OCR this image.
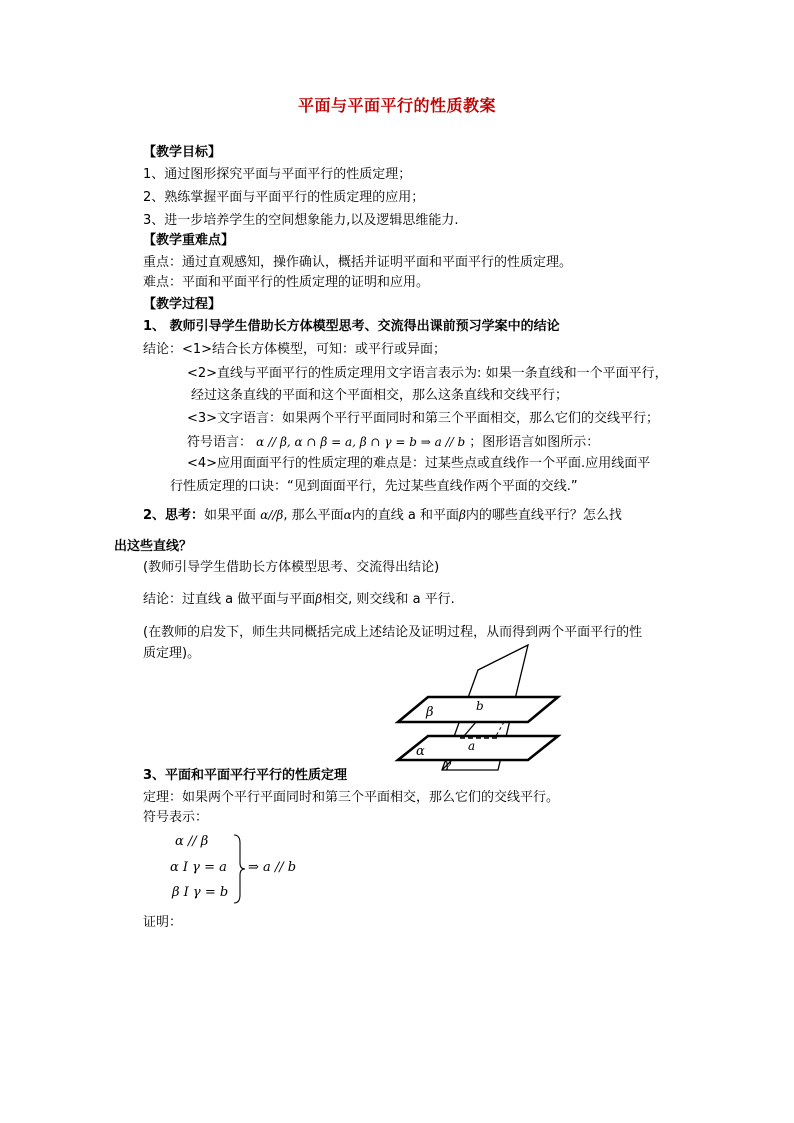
平面与平面平行的性质教案
【教学目标】
1、通过图形探究平面与平面平行的性质定理；
2、熟练掌握平面与平面平行的性质定理的应用；
3、进一步培养学生的空间想象能力,以及逻辑思维能力.
【教学重难点】
重点：通过直观感知，操作确认，概括并证明平面和平面平行的性质定理。
难点：平面和平面平行的性质定理的证明和应用。
【教学过程】
1、 教师引导学生借助长方体模型思考、交流得出课前预习学案中的结论
结论：<1>结合长方体模型，可知：或平行或异面；
<2>直线与平面平行的性质定理用文字语言表示为: 如果一条直线和一个平面平行，
经过这条直线的平面和这个平面相交，那么这条直线和交线平行；
<3>文字语言：如果两个平行平面同时和第三个平面相交，那么它们的交线平行；
符号语言： α // β, α ∩ β = a, β ∩ γ = b ⇒ a // b ；图形语言如图所示：
<4>应用面面平行的性质定理的难点是：过某些点或直线作一个平面.应用线面平
行性质定理的口诀：“见到面面平行，先过某些直线作两个平面的交线.”
2、思考：如果平面 α//β, 那么平面α内的直线 a 和平面β内的哪些直线平行？怎么找
出这些直线？
(教师引导学生借助长方体模型思考、交流得出结论)
结论：过直线 a 做平面与平面β相交, 则交线和 a 平行.
(在教师的启发下，师生共同概括完成上述结论及证明过程，从而得到两个平面平行的性
质定理)。
β	b
α	a
γ
3、平面和平面平行平行的性质定理
定理：如果两个平行平面同时和第三个平面相交，那么它们的交线平行。
符号表示：
α // β
α I γ = a
β I γ = b
⇒ a // b
证明：
